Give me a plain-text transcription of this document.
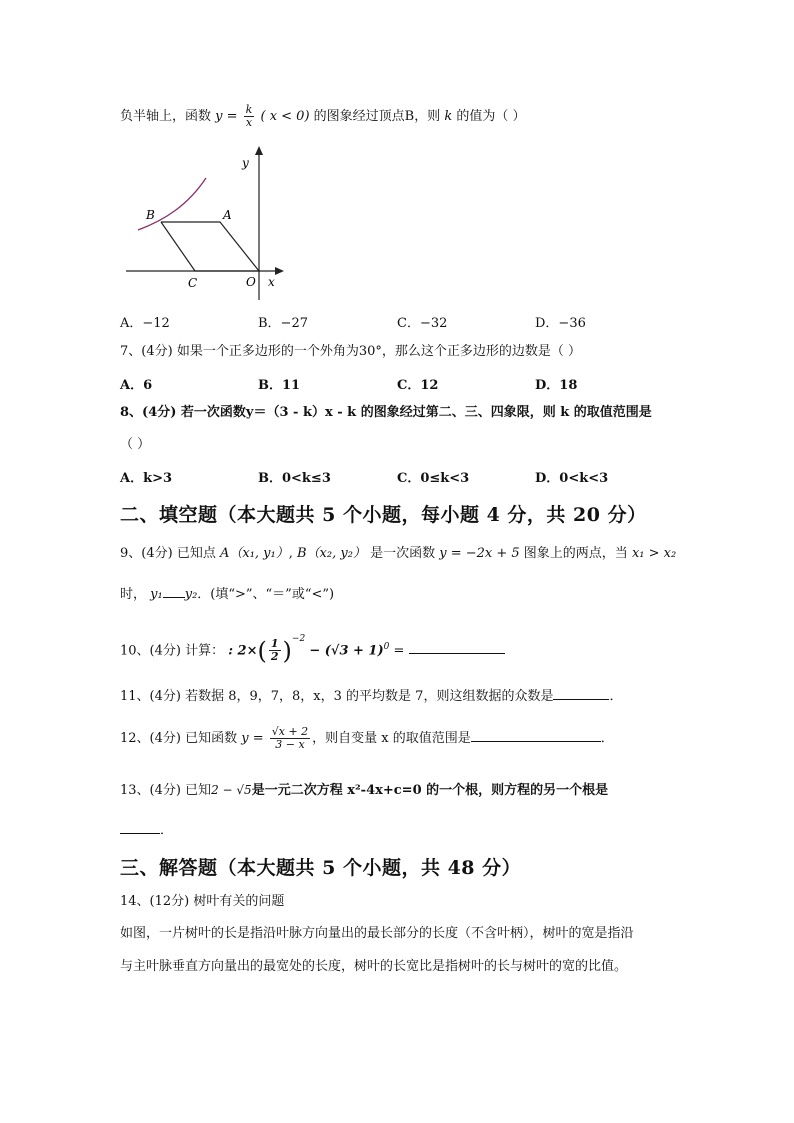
负半轴上，函数 $y = \frac{k}{x}$ ( x < 0) 的图象经过顶点B，则 k 的值为（ ）
y
x
O
A
B
C
A．−12	B．−27	C．−32	D．−36
7、(4分) 如果一个正多边形的一个外角为30°，那么这个正多边形的边数是（ ）
A．6	B．11	C．12	D．18
8、(4分) 若一次函数y＝（3 - k）x - k 的图象经过第二、三、四象限，则 k 的取值范围是
（ ）
A．k>3	B．0<k≤3	C．0≤k<3	D．0<k<3
二、填空题（本大题共 5 个小题，每小题 4 分，共 20 分）
9、(4分) 已知点 A（x₁, y₁）, B（x₂, y₂） 是一次函数 y = −2x + 5 图象上的两点，当 x₁ > x₂
时， y₁ y₂．(填“>”、“＝”或“<”)
10、(4分) 计算： : $2\times( \frac{1}{2} )^{-2} - (√3 + 1)^0$ =
11、(4分) 若数据 8，9，7，8，x，3 的平均数是 7，则这组数据的众数是	．
12、(4分) 已知函数 $y = \frac{√x + 2}{3 - x}$ ，则自变量 x 的取值范围是	．
13、(4分) 已知2 − √5是一元二次方程 x²-4x+c=0 的一个根，则方程的另一个根是
．
三、解答题（本大题共 5 个小题，共 48 分）
14、(12分) 树叶有关的问题
如图，一片树叶的长是指沿叶脉方向量出的最长部分的长度（不含叶柄），树叶的宽是指沿
与主叶脉垂直方向量出的最宽处的长度，树叶的长宽比是指树叶的长与树叶的宽的比值。
